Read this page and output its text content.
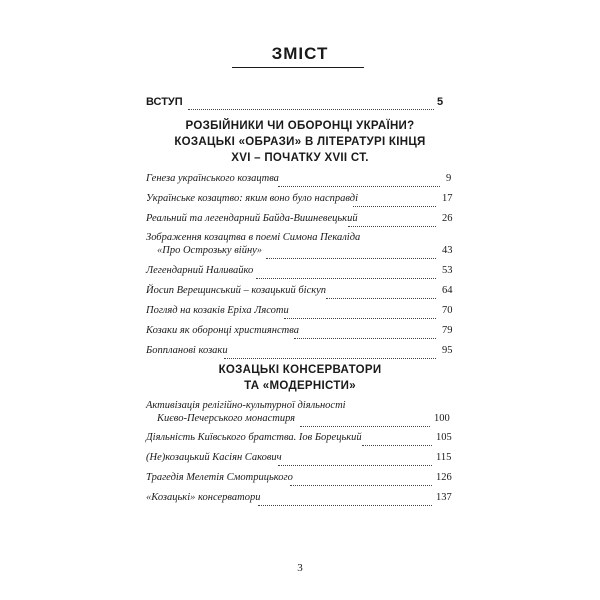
ЗМІСТ
ВСТУП	5
РОЗБІЙНИКИ ЧИ ОБОРОНЦІ УКРАЇНИ?
КОЗАЦЬКІ «ОБРАЗИ» В ЛІТЕРАТУРІ КІНЦЯ
XVI – ПОЧАТКУ XVII СТ.
Генеза українського козацтва	9
Українське козацтво: яким воно було насправді	17
Реальний та легендарний Байда-Вишневецький	26
Зображення козацтва в поемі Симона Пекаліда
«Про Острозьку війну»	43
Легендарний Наливайко	53
Йосип Верещинський – козацький біскуп	64
Погляд на козаків Еріха Лясоти	70
Козаки як оборонці християнства	79
Боппланові козаки	95
КОЗАЦЬКІ КОНСЕРВАТОРИ
ТА «МОДЕРНІСТИ»
Активізація релігійно-культурної діяльності
Києво-Печерського монастиря	100
Діяльність Київського братства. Іов Борецький	105
(Не)козацький Касіян Сакович	115
Трагедія Мелетія Смотрицького	126
«Козацькі» консерватори	137
3
